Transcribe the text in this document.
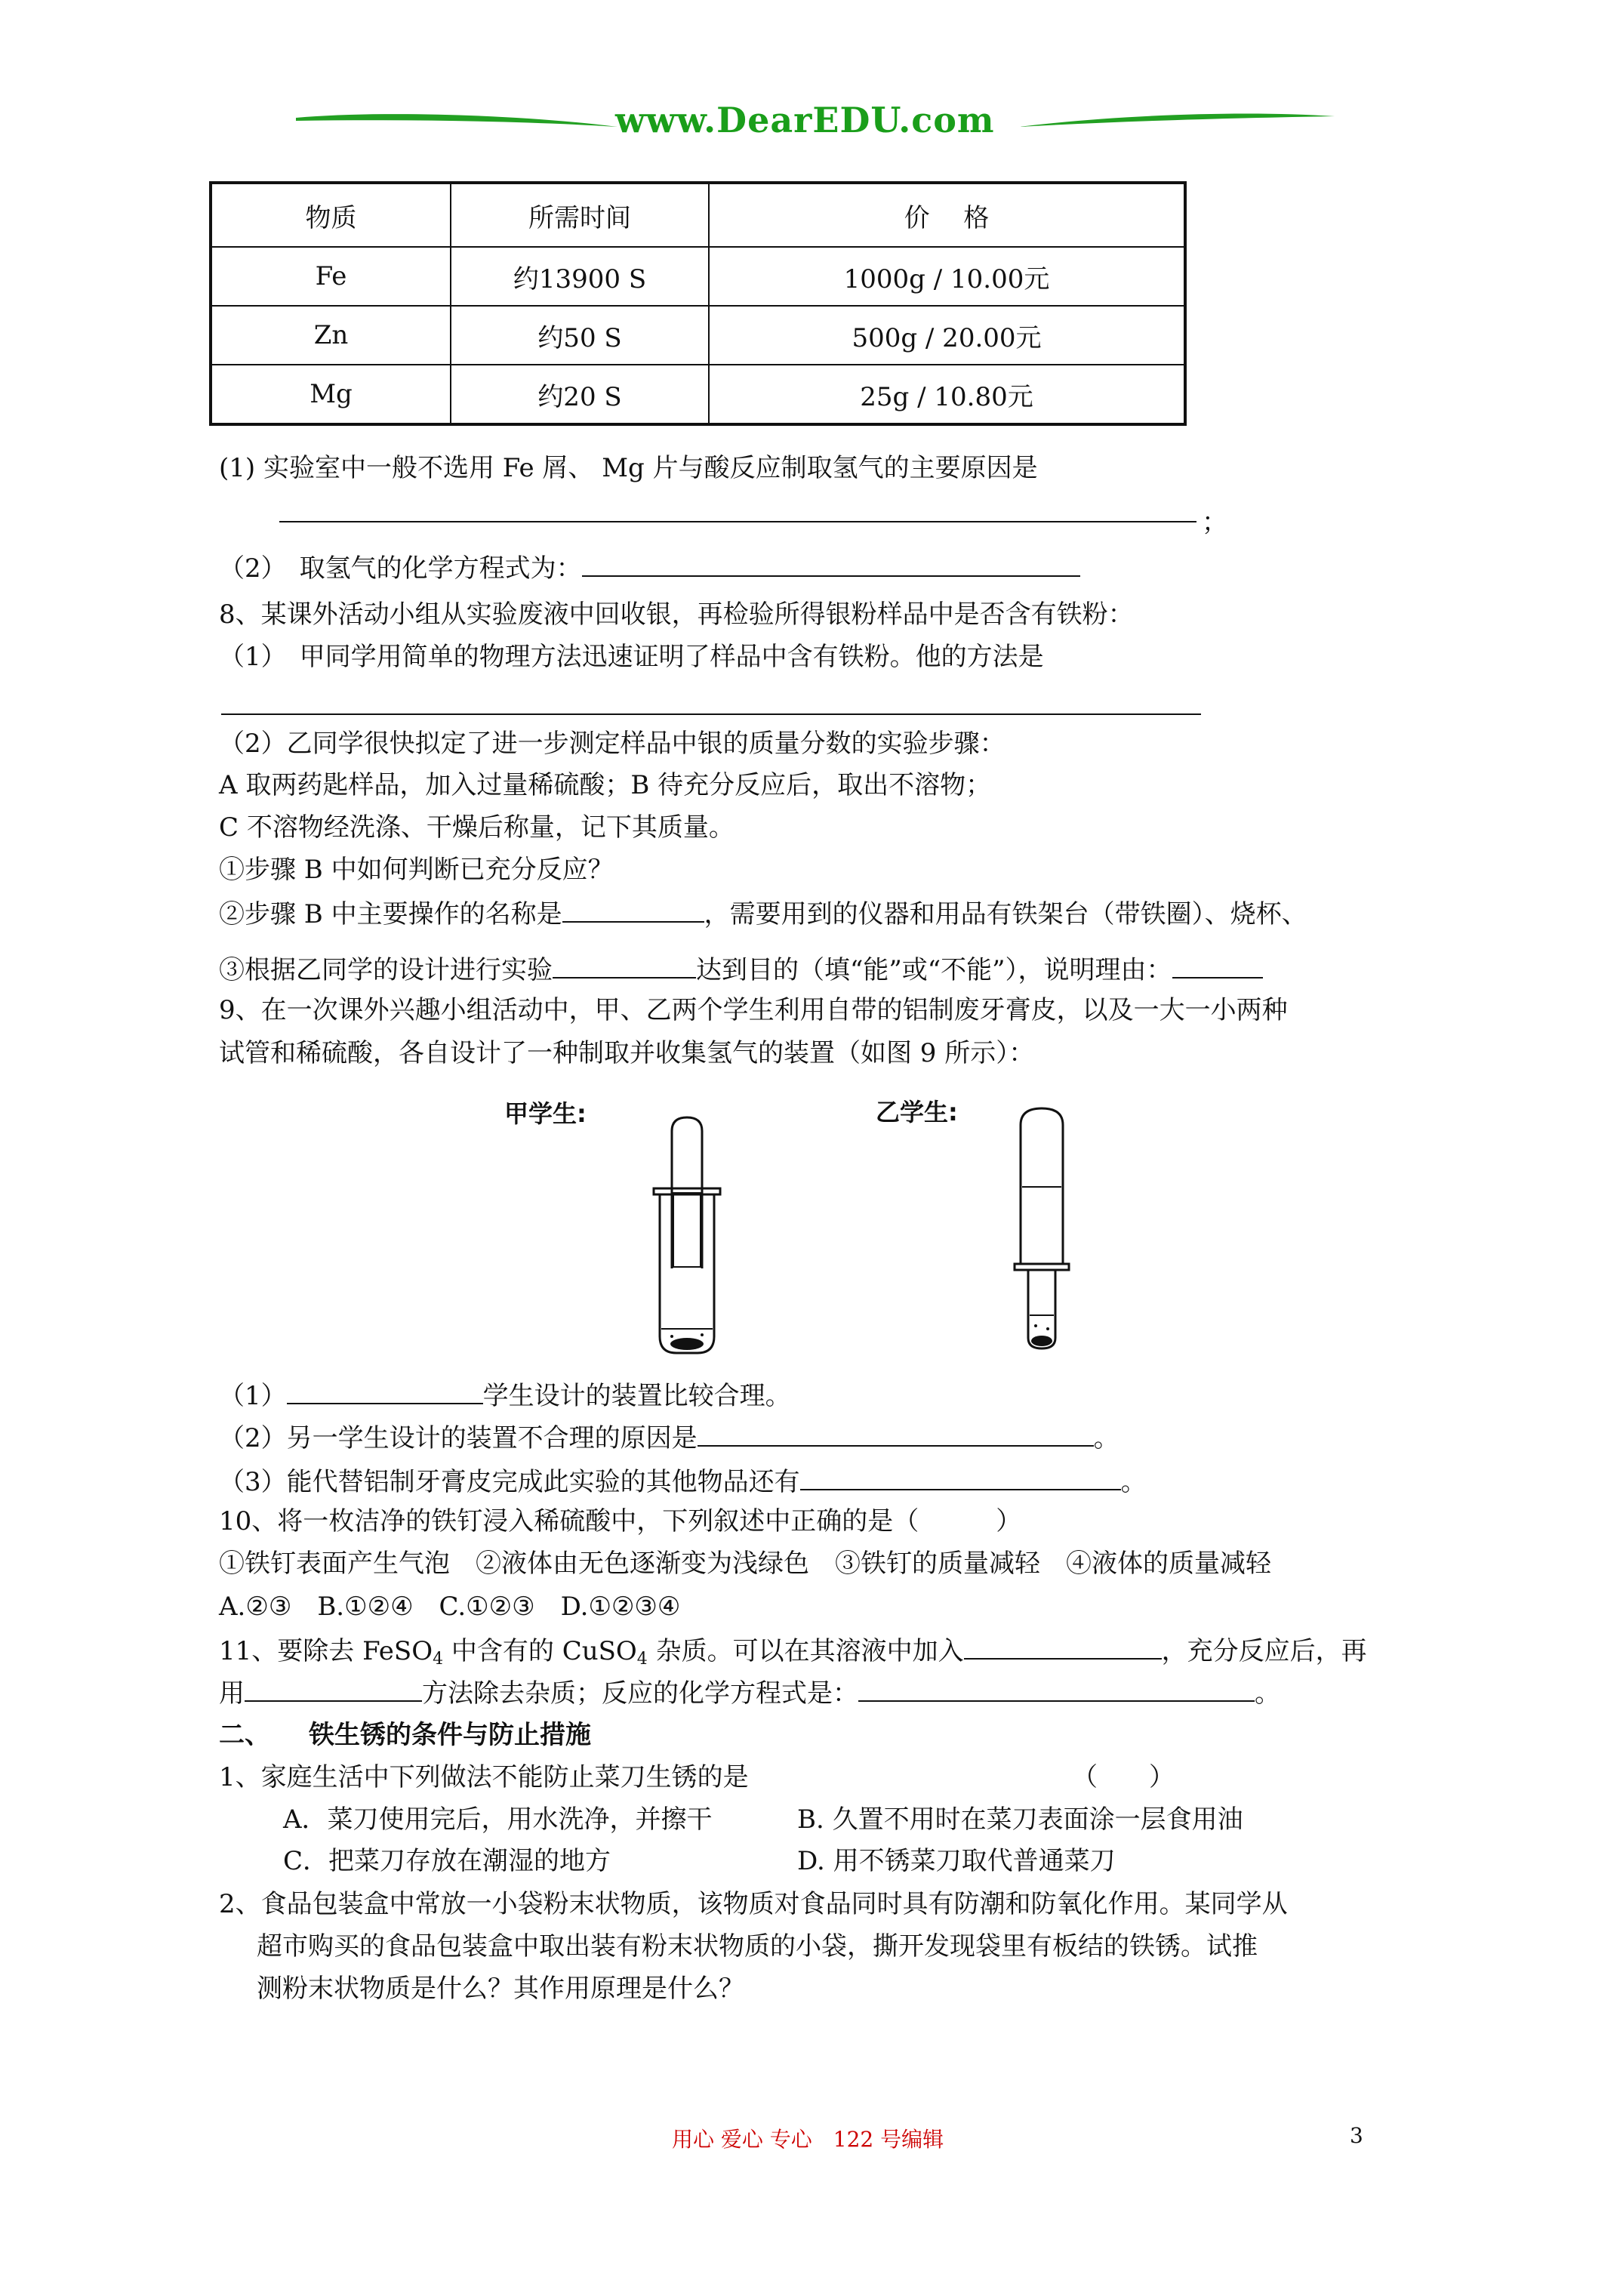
www.DearEDU.com
物质	所需时间	价　 格
Fe	约13900 S	1000g / 10.00元
Zn	约50 S	500g / 20.00元
Mg	约20 S	25g / 10.80元
(1) 实验室中一般不选用 Fe 屑、 Mg 片与酸反应制取氢气的主要原因是
；
（2）　取氢气的化学方程式为：
8、某课外活动小组从实验废液中回收银，再检验所得银粉样品中是否含有铁粉：
（1）　甲同学用简单的物理方法迅速证明了样品中含有铁粉。他的方法是
（2）乙同学很快拟定了进一步测定样品中银的质量分数的实验步骤：
A 取两药匙样品，加入过量稀硫酸；B 待充分反应后，取出不溶物；
C 不溶物经洗涤、干燥后称量，记下其质量。
①步骤 B 中如何判断已充分反应？
②步骤 B 中主要操作的名称是	，需要用到的仪器和用品有铁架台（带铁圈）、烧杯、
③根据乙同学的设计进行实验	达到目的（填“能”或“不能”），说明理由：
9、在一次课外兴趣小组活动中，甲、乙两个学生利用自带的铝制废牙膏皮，以及一大一小两种
试管和稀硫酸，各自设计了一种制取并收集氢气的装置（如图 9 所示）：
甲学生:	乙学生:
（1）	学生设计的装置比较合理。
（2）另一学生设计的装置不合理的原因是	。
（3）能代替铝制牙膏皮完成此实验的其他物品还有	。
10、将一枚洁净的铁钉浸入稀硫酸中，下列叙述中正确的是（　　　）
①铁钉表面产生气泡　②液体由无色逐渐变为浅绿色　③铁钉的质量减轻　④液体的质量减轻
A.②③　B.①②④　C.①②③　D.①②③④
11、要除去 FeSO$_4$ 中含有的 CuSO$_4$ 杂质。可以在其溶液中加入	，充分反应后，再
用	方法除去杂质；反应的化学方程式是：	。
二、　　铁生锈的条件与防止措施
1、家庭生活中下列做法不能防止菜刀生锈的是	（　　）
A．菜刀使用完后，用水洗净，并擦干	B. 久置不用时在菜刀表面涂一层食用油
C．把菜刀存放在潮湿的地方	D. 用不锈菜刀取代普通菜刀
2、食品包装盒中常放一小袋粉末状物质，该物质对食品同时具有防潮和防氧化作用。某同学从
超市购买的食品包装盒中取出装有粉末状物质的小袋，撕开发现袋里有板结的铁锈。试推
测粉末状物质是什么？其作用原理是什么？
用心 爱心 专心　122 号编辑	3
